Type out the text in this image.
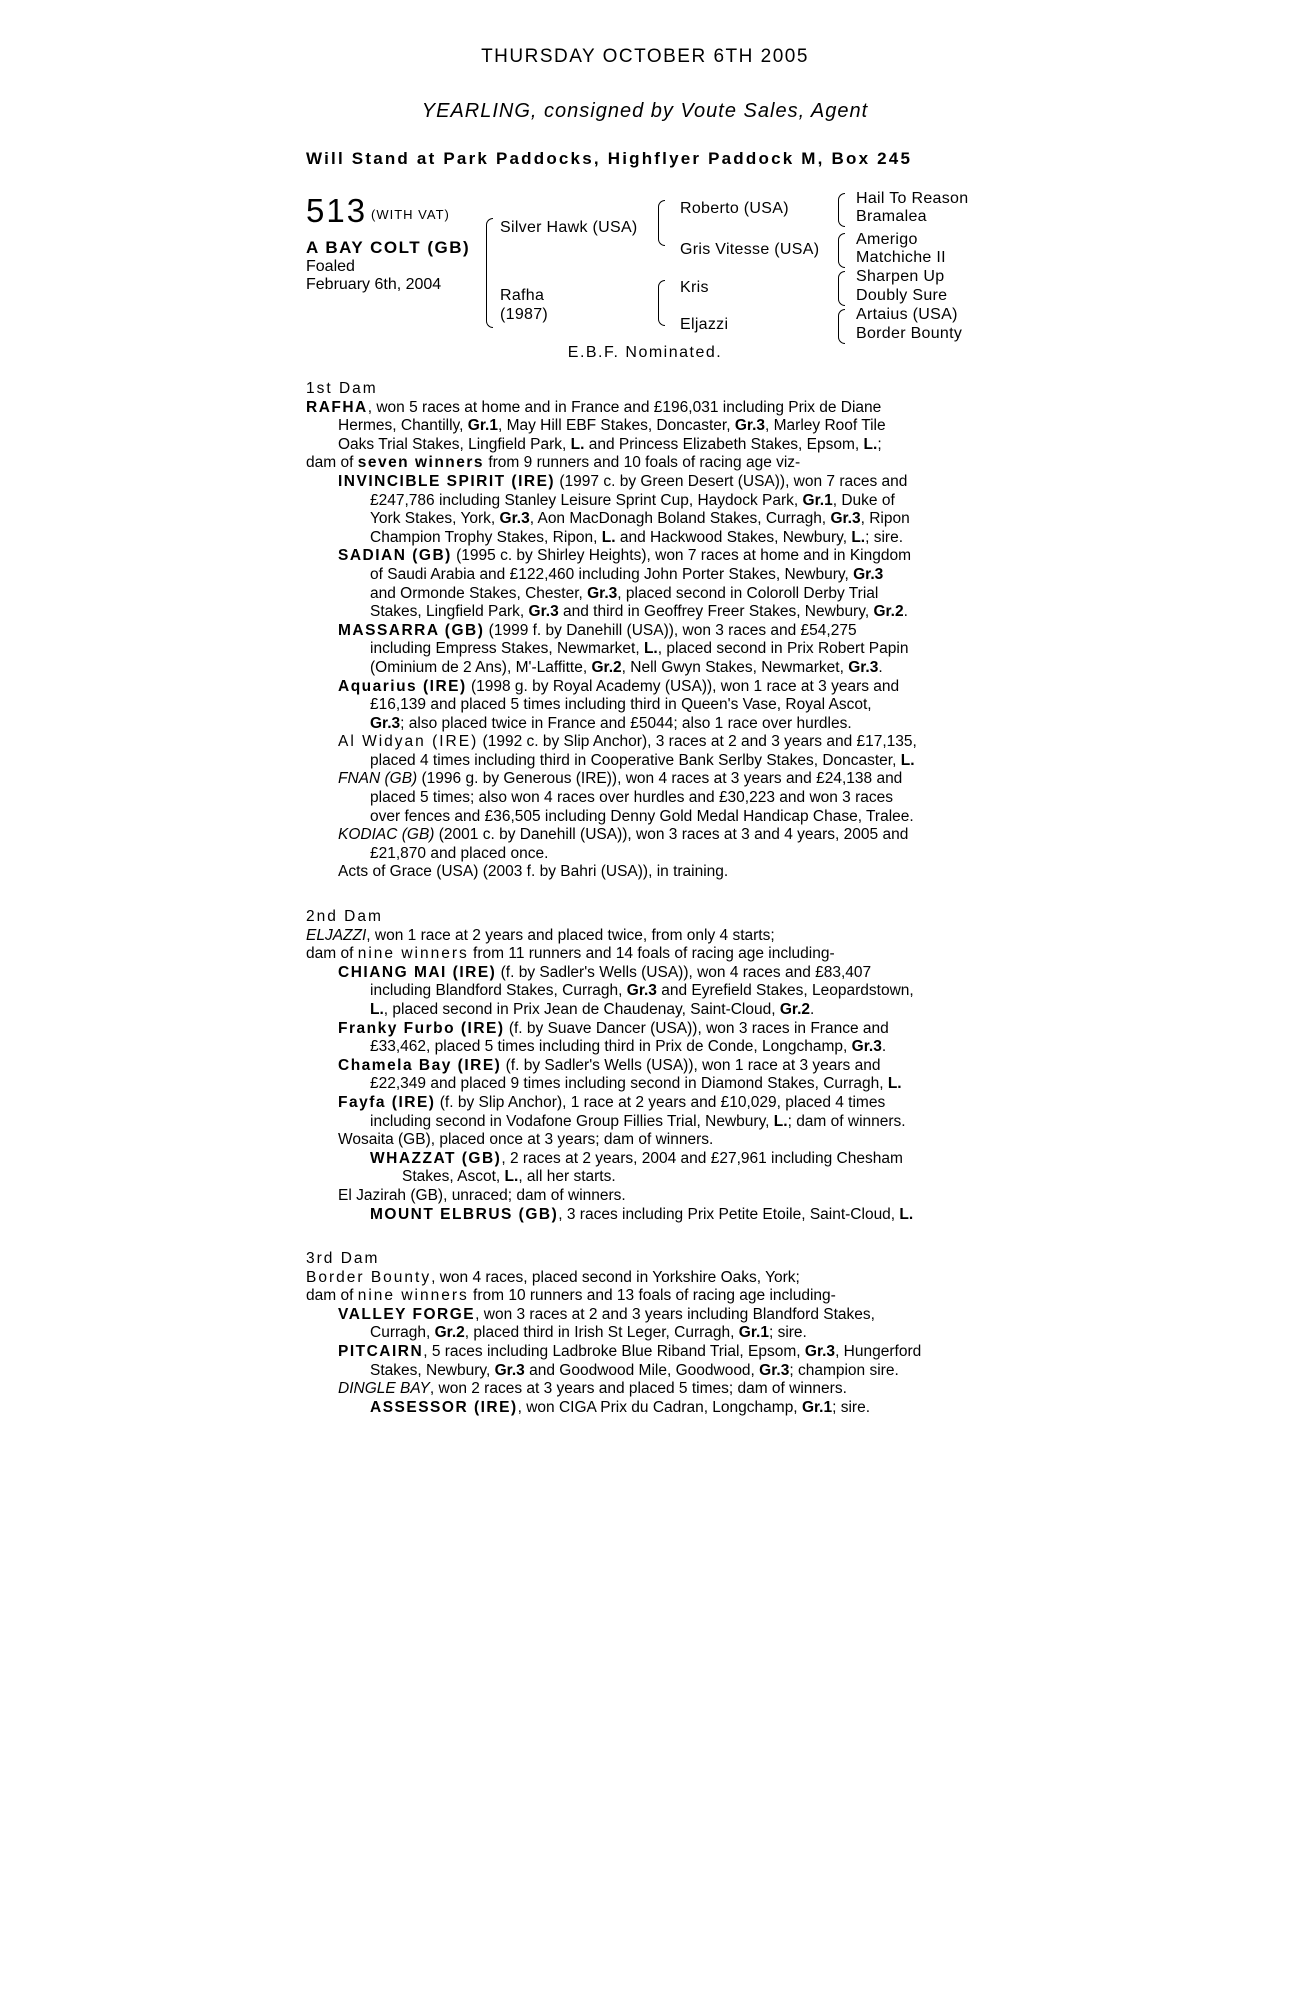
THURSDAY OCTOBER 6TH 2005
YEARLING, consigned by Voute Sales, Agent
Will Stand at Park Paddocks, Highflyer Paddock M, Box 245
513 (WITH VAT)
A BAY COLT (GB)
Foaled
February 6th, 2004
Silver Hawk (USA)
Rafha
(1987)
Roberto (USA)
Gris Vitesse (USA)
Kris
Eljazzi
Hail To Reason
Bramalea
Amerigo
Matchiche II
Sharpen Up
Doubly Sure
Artaius (USA)
Border Bounty
E.B.F. Nominated.
1st Dam
RAFHA, won 5 races at home and in France and £196,031 including Prix de Diane
Hermes, Chantilly, Gr.1, May Hill EBF Stakes, Doncaster, Gr.3, Marley Roof Tile
Oaks Trial Stakes, Lingfield Park, L. and Princess Elizabeth Stakes, Epsom, L.;
dam of seven winners from 9 runners and 10 foals of racing age viz-
INVINCIBLE SPIRIT (IRE) (1997 c. by Green Desert (USA)), won 7 races and
£247,786 including Stanley Leisure Sprint Cup, Haydock Park, Gr.1, Duke of
York Stakes, York, Gr.3, Aon MacDonagh Boland Stakes, Curragh, Gr.3, Ripon
Champion Trophy Stakes, Ripon, L. and Hackwood Stakes, Newbury, L.; sire.
SADIAN (GB) (1995 c. by Shirley Heights), won 7 races at home and in Kingdom
of Saudi Arabia and £122,460 including John Porter Stakes, Newbury, Gr.3
and Ormonde Stakes, Chester, Gr.3, placed second in Coloroll Derby Trial
Stakes, Lingfield Park, Gr.3 and third in Geoffrey Freer Stakes, Newbury, Gr.2.
MASSARRA (GB) (1999 f. by Danehill (USA)), won 3 races and £54,275
including Empress Stakes, Newmarket, L., placed second in Prix Robert Papin
(Ominium de 2 Ans), M'-Laffitte, Gr.2, Nell Gwyn Stakes, Newmarket, Gr.3.
Aquarius (IRE) (1998 g. by Royal Academy (USA)), won 1 race at 3 years and
£16,139 and placed 5 times including third in Queen's Vase, Royal Ascot,
Gr.3; also placed twice in France and £5044; also 1 race over hurdles.
Al Widyan (IRE) (1992 c. by Slip Anchor), 3 races at 2 and 3 years and £17,135,
placed 4 times including third in Cooperative Bank Serlby Stakes, Doncaster, L.
FNAN (GB) (1996 g. by Generous (IRE)), won 4 races at 3 years and £24,138 and
placed 5 times; also won 4 races over hurdles and £30,223 and won 3 races
over fences and £36,505 including Denny Gold Medal Handicap Chase, Tralee.
KODIAC (GB) (2001 c. by Danehill (USA)), won 3 races at 3 and 4 years, 2005 and
£21,870 and placed once.
Acts of Grace (USA) (2003 f. by Bahri (USA)), in training.
2nd Dam
ELJAZZI, won 1 race at 2 years and placed twice, from only 4 starts;
dam of nine winners from 11 runners and 14 foals of racing age including-
CHIANG MAI (IRE) (f. by Sadler's Wells (USA)), won 4 races and £83,407
including Blandford Stakes, Curragh, Gr.3 and Eyrefield Stakes, Leopardstown,
L., placed second in Prix Jean de Chaudenay, Saint-Cloud, Gr.2.
Franky Furbo (IRE) (f. by Suave Dancer (USA)), won 3 races in France and
£33,462, placed 5 times including third in Prix de Conde, Longchamp, Gr.3.
Chamela Bay (IRE) (f. by Sadler's Wells (USA)), won 1 race at 3 years and
£22,349 and placed 9 times including second in Diamond Stakes, Curragh, L.
Fayfa (IRE) (f. by Slip Anchor), 1 race at 2 years and £10,029, placed 4 times
including second in Vodafone Group Fillies Trial, Newbury, L.; dam of winners.
Wosaita (GB), placed once at 3 years; dam of winners.
WHAZZAT (GB), 2 races at 2 years, 2004 and £27,961 including Chesham
Stakes, Ascot, L., all her starts.
El Jazirah (GB), unraced; dam of winners.
MOUNT ELBRUS (GB), 3 races including Prix Petite Etoile, Saint-Cloud, L.
3rd Dam
Border Bounty, won 4 races, placed second in Yorkshire Oaks, York;
dam of nine winners from 10 runners and 13 foals of racing age including-
VALLEY FORGE, won 3 races at 2 and 3 years including Blandford Stakes,
Curragh, Gr.2, placed third in Irish St Leger, Curragh, Gr.1; sire.
PITCAIRN, 5 races including Ladbroke Blue Riband Trial, Epsom, Gr.3, Hungerford
Stakes, Newbury, Gr.3 and Goodwood Mile, Goodwood, Gr.3; champion sire.
DINGLE BAY, won 2 races at 3 years and placed 5 times; dam of winners.
ASSESSOR (IRE), won CIGA Prix du Cadran, Longchamp, Gr.1; sire.
